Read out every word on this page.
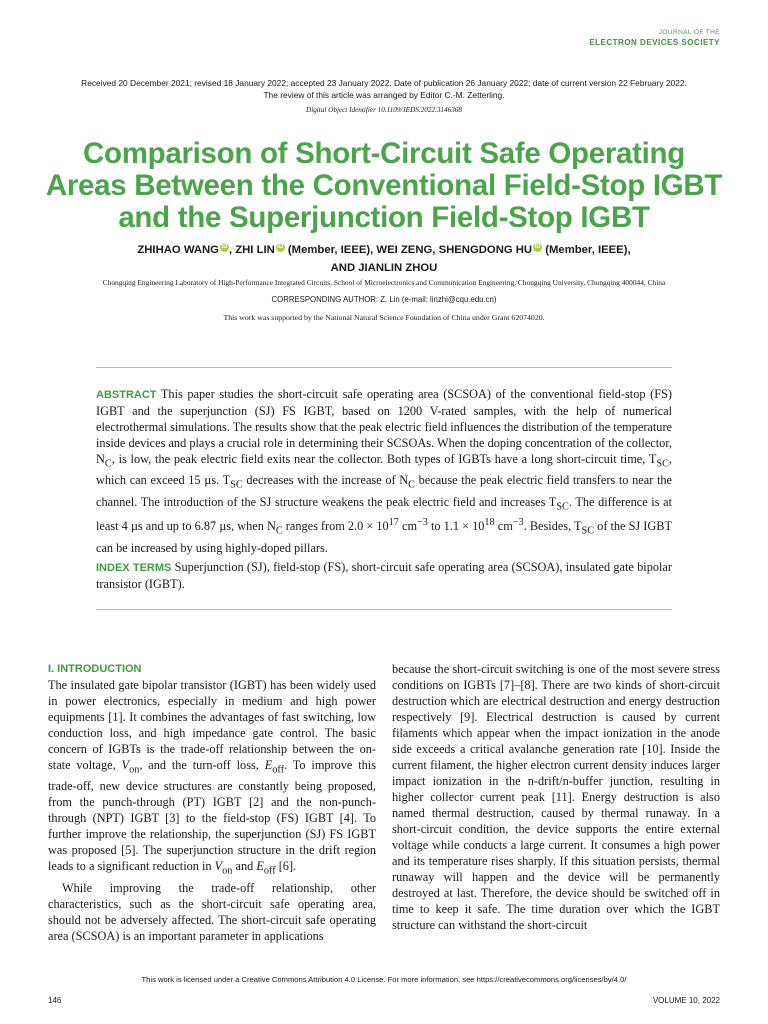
JOURNAL OF THE
ELECTRON DEVICES SOCIETY
Received 20 December 2021; revised 18 January 2022; accepted 23 January 2022. Date of publication 26 January 2022; date of current version 22 February 2022.
The review of this article was arranged by Editor C.-M. Zetterling.
Digital Object Identifier 10.1109/JEDS.2022.3146368
Comparison of Short-Circuit Safe Operating
Areas Between the Conventional Field-Stop IGBT
and the Superjunction Field-Stop IGBT
ZHIHAO WANG iD , ZHI LIN iD (Member, IEEE), WEI ZENG, SHENGDONG HU iD (Member, IEEE),
AND JIANLIN ZHOU
Chongqing Engineering Laboratory of High-Performance Integrated Circuits, School of Microelectronics and Communication Engineering, Chongqing University, Chongqing 400044, China
CORRESPONDING AUTHOR: Z. Lin (e-mail: linzhi@cqu.edu.cn)
This work was supported by the National Natural Science Foundation of China under Grant 62074020.
ABSTRACT This paper studies the short-circuit safe operating area (SCSOA) of the conventional field-stop (FS) IGBT and the superjunction (SJ) FS IGBT, based on 1200 V-rated samples, with the help of numerical electrothermal simulations. The results show that the peak electric field influences the distribution of the temperature inside devices and plays a crucial role in determining their SCSOAs. When the doping concentration of the collector, $N_C$, is low, the peak electric field exits near the collector. Both types of IGBTs have a long short-circuit time, $T_{SC}$, which can exceed 15 µs. $T_{SC}$ decreases with the increase of $N_C$ because the peak electric field transfers to near the channel. The introduction of the SJ structure weakens the peak electric field and increases $T_{SC}$. The difference is at least 4 µs and up to 6.87 µs, when $N_C$ ranges from $2.0 \times 10^{17}$ $cm^{-3}$ to $1.1 \times 10^{18}$ $cm^{-3}$. Besides, $T_{SC}$ of the SJ IGBT can be increased by using highly-doped pillars.
INDEX TERMS Superjunction (SJ), field-stop (FS), short-circuit safe operating area (SCSOA), insulated gate bipolar transistor (IGBT).
I. INTRODUCTION

The insulated gate bipolar transistor (IGBT) has been widely used in power electronics, especially in medium and high power equipments [1]. It combines the advantages of fast switching, low conduction loss, and high impedance gate control. The basic concern of IGBTs is the trade-off relationship between the on-state voltage, $V_{on}$, and the turn-off loss, $E_{off}$. To improve this trade-off, new device structures are constantly being proposed, from the punch-through (PT) IGBT [2] and the non-punch-through (NPT) IGBT [3] to the field-stop (FS) IGBT [4]. To further improve the relationship, the superjunction (SJ) FS IGBT was proposed [5]. The superjunction structure in the drift region leads to a significant reduction in $V_{on}$ and $E_{off}$ [6].

While improving the trade-off relationship, other characteristics, such as the short-circuit safe operating area, should not be adversely affected. The short-circuit safe operating area (SCSOA) is an important parameter in applications

because the short-circuit switching is one of the most severe stress conditions on IGBTs [7]–[8]. There are two kinds of short-circuit destruction which are electrical destruction and energy destruction respectively [9]. Electrical destruction is caused by current filaments which appear when the impact ionization in the anode side exceeds a critical avalanche generation rate [10]. Inside the current filament, the higher electron current density induces larger impact ionization in the n-drift/n-buffer junction, resulting in higher collector current peak [11]. Energy destruction is also named thermal destruction, caused by thermal runaway. In a short-circuit condition, the device supports the entire external voltage while conducts a large current. It consumes a high power and its temperature rises sharply. If this situation persists, thermal runaway will happen and the device will be permanently destroyed at last. Therefore, the device should be switched off in time to keep it safe. The time duration over which the IGBT structure can withstand the short-circuit

This work is licensed under a Creative Commons Attribution 4.0 License. For more information, see https://creativecommons.org/licenses/by/4.0/
146	VOLUME 10, 2022
